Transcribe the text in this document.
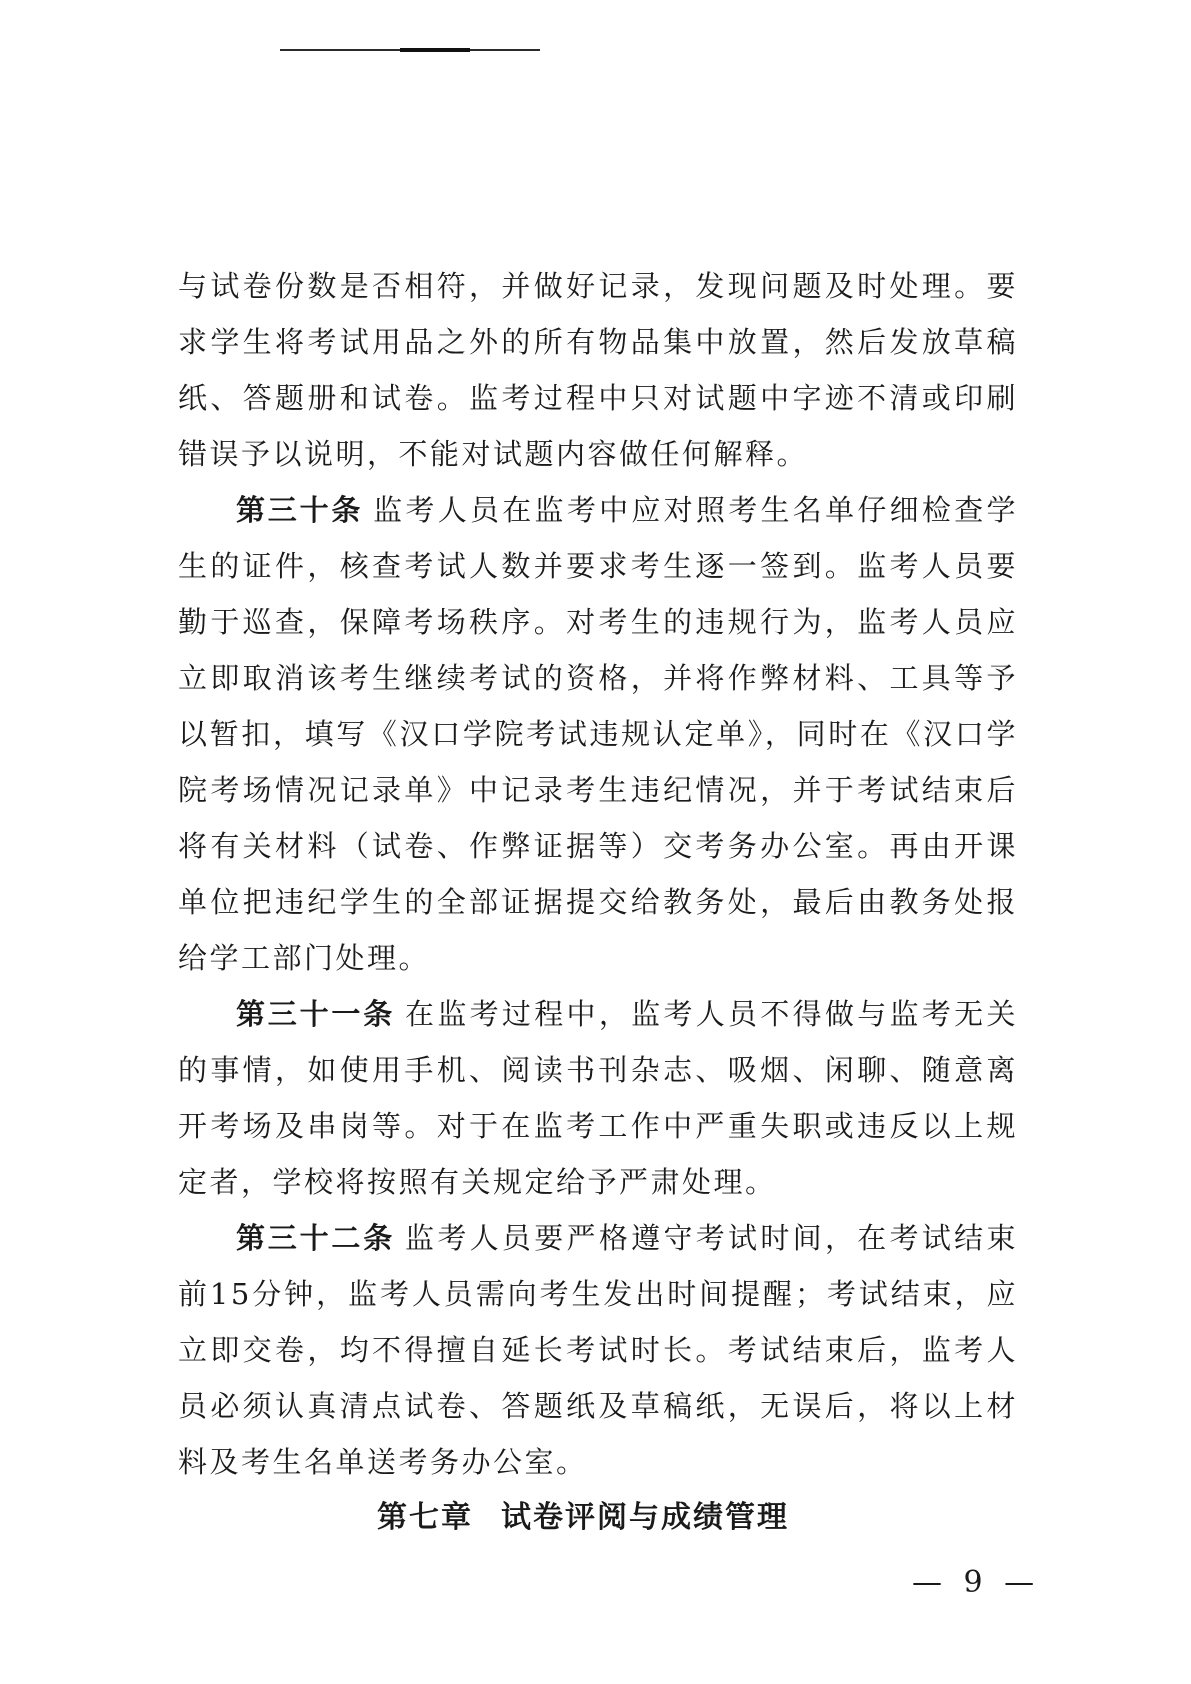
与试卷份数是否相符，并做好记录，发现问题及时处理。要求学生将考试用品之外的所有物品集中放置，然后发放草稿纸、答题册和试卷。监考过程中只对试题中字迹不清或印刷错误予以说明，不能对试题内容做任何解释。

第三十条 监考人员在监考中应对照考生名单仔细检查学生的证件，核查考试人数并要求考生逐一签到。监考人员要勤于巡查，保障考场秩序。对考生的违规行为，监考人员应立即取消该考生继续考试的资格，并将作弊材料、工具等予以暂扣，填写《汉口学院考试违规认定单》，同时在《汉口学院考场情况记录单》中记录考生违纪情况，并于考试结束后将有关材料（试卷、作弊证据等）交考务办公室。再由开课单位把违纪学生的全部证据提交给教务处，最后由教务处报给学工部门处理。

第三十一条 在监考过程中，监考人员不得做与监考无关的事情，如使用手机、阅读书刊杂志、吸烟、闲聊、随意离开考场及串岗等。对于在监考工作中严重失职或违反以上规定者，学校将按照有关规定给予严肃处理。

第三十二条 监考人员要严格遵守考试时间，在考试结束前15分钟，监考人员需向考生发出时间提醒；考试结束，应立即交卷，均不得擅自延长考试时长。考试结束后，监考人员必须认真清点试卷、答题纸及草稿纸，无误后，将以上材料及考生名单送考务办公室。

第七章 试卷评阅与成绩管理

— 9 —
